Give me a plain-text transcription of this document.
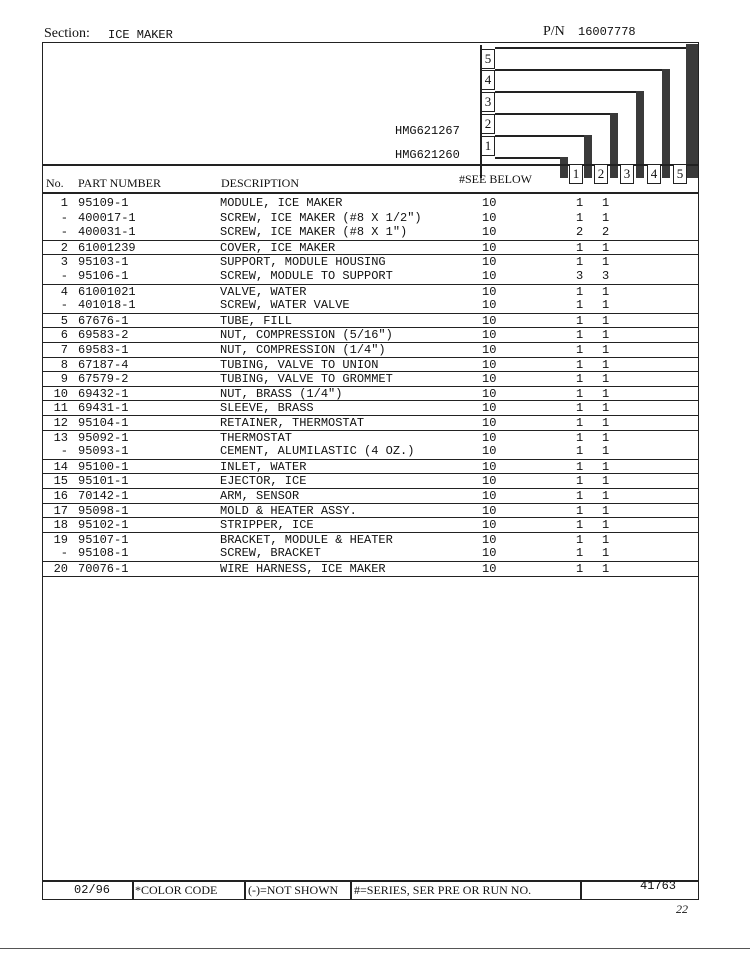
Section: ICE MAKER	P/N 16007778
5
4
3
2
1
HMG621267
HMG621260
No. PART NUMBER	DESCRIPTION	#SEE BELOW	1 2 3 4 5
1 95109-1	MODULE, ICE MAKER	10	1 1
- 400017-1	SCREW, ICE MAKER (#8 X 1/2")	10	1 1
- 400031-1	SCREW, ICE MAKER (#8 X 1")	10	2 2
2 61001239	COVER, ICE MAKER	10	1 1
3 95103-1	SUPPORT, MODULE HOUSING	10	1 1
- 95106-1	SCREW, MODULE TO SUPPORT	10	3 3
4 61001021	VALVE, WATER	10	1 1
- 401018-1	SCREW, WATER VALVE	10	1 1
5 67676-1	TUBE, FILL	10	1 1
6 69583-2	NUT, COMPRESSION (5/16")	10	1 1
7 69583-1	NUT, COMPRESSION (1/4")	10	1 1
8 67187-4	TUBING, VALVE TO UNION	10	1 1
9 67579-2	TUBING, VALVE TO GROMMET	10	1 1
10 69432-1	NUT, BRASS (1/4")	10	1 1
11 69431-1	SLEEVE, BRASS	10	1 1
12 95104-1	RETAINER, THERMOSTAT	10	1 1
13 95092-1	THERMOSTAT	10	1 1
- 95093-1	CEMENT, ALUMILASTIC (4 OZ.)	10	1 1
14 95100-1	INLET, WATER	10	1 1
15 95101-1	EJECTOR, ICE	10	1 1
16 70142-1	ARM, SENSOR	10	1 1
17 95098-1	MOLD & HEATER ASSY.	10	1 1
18 95102-1	STRIPPER, ICE	10	1 1
19 95107-1	BRACKET, MODULE & HEATER	10	1 1
- 95108-1	SCREW, BRACKET	10	1 1
20 70076-1	WIRE HARNESS, ICE MAKER	10	1 1
02/96 *COLOR CODE	(-)=NOT SHOWN #=SERIES, SER PRE OR RUN NO.	41763
22
